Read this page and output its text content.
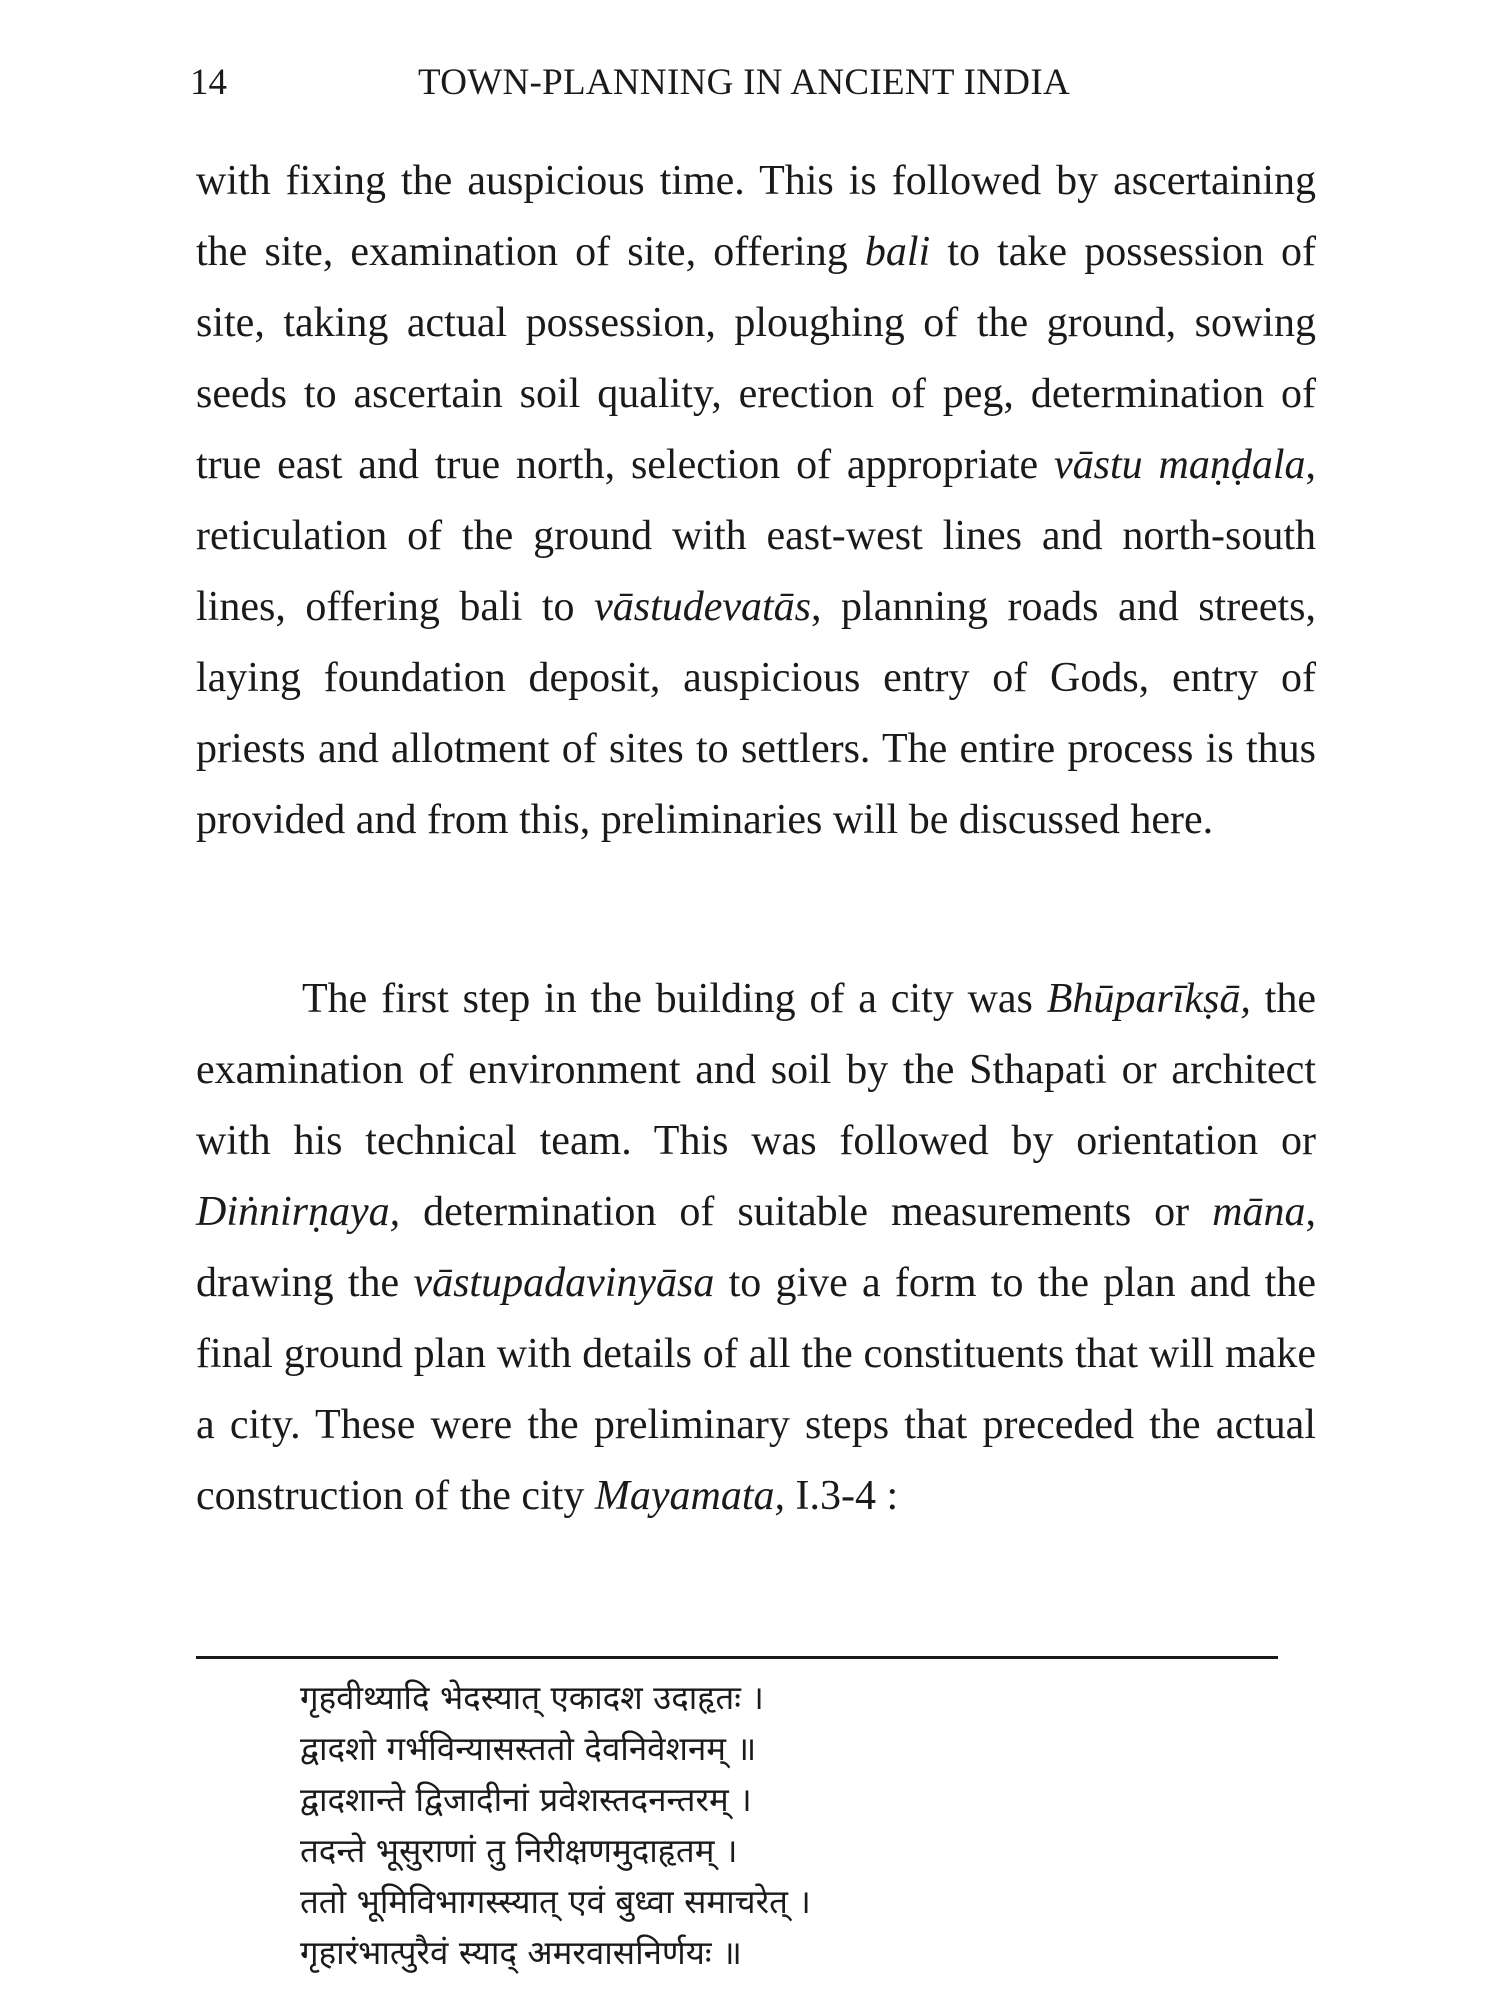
14	TOWN-PLANNING IN ANCIENT INDIA

with fixing the auspicious time. This is followed by ascertaining the site, examination of site, offering bali to take possession of site, taking actual possession, ploughing of the ground, sowing seeds to ascertain soil quality, erection of peg, determination of true east and true north, selection of appropriate vāstu maṇḍala, reticulation of the ground with east-west lines and north-south lines, offering bali to vāstudevatās, planning roads and streets, laying foundation deposit, auspicious entry of Gods, entry of priests and allotment of sites to settlers. The entire process is thus provided and from this, preliminaries will be discussed here.

The first step in the building of a city was Bhūparīkṣā, the examination of environment and soil by the Sthapati or architect with his technical team. This was followed by orientation or Diṅnirṇaya, determination of suitable measurements or māna, drawing the vāstupadavinyāsa to give a form to the plan and the final ground plan with details of all the constituents that will make a city. These were the preliminary steps that preceded the actual construction of the city Mayamata, I.3-4 :

गृहवीथ्यादि भेदस्यात् एकादश उदाहृतः ।
द्वादशो गर्भविन्यासस्ततो देवनिवेशनम् ॥
द्वादशान्ते द्विजादीनां प्रवेशस्तदनन्तरम् ।
तदन्ते भूसुराणां तु निरीक्षणमुदाहृतम् ।
ततो भूमिविभागस्स्यात् एवं बुध्वा समाचरेत् ।
गृहारंभात्पुरैवं स्याद् अमरवासनिर्णयः ॥
